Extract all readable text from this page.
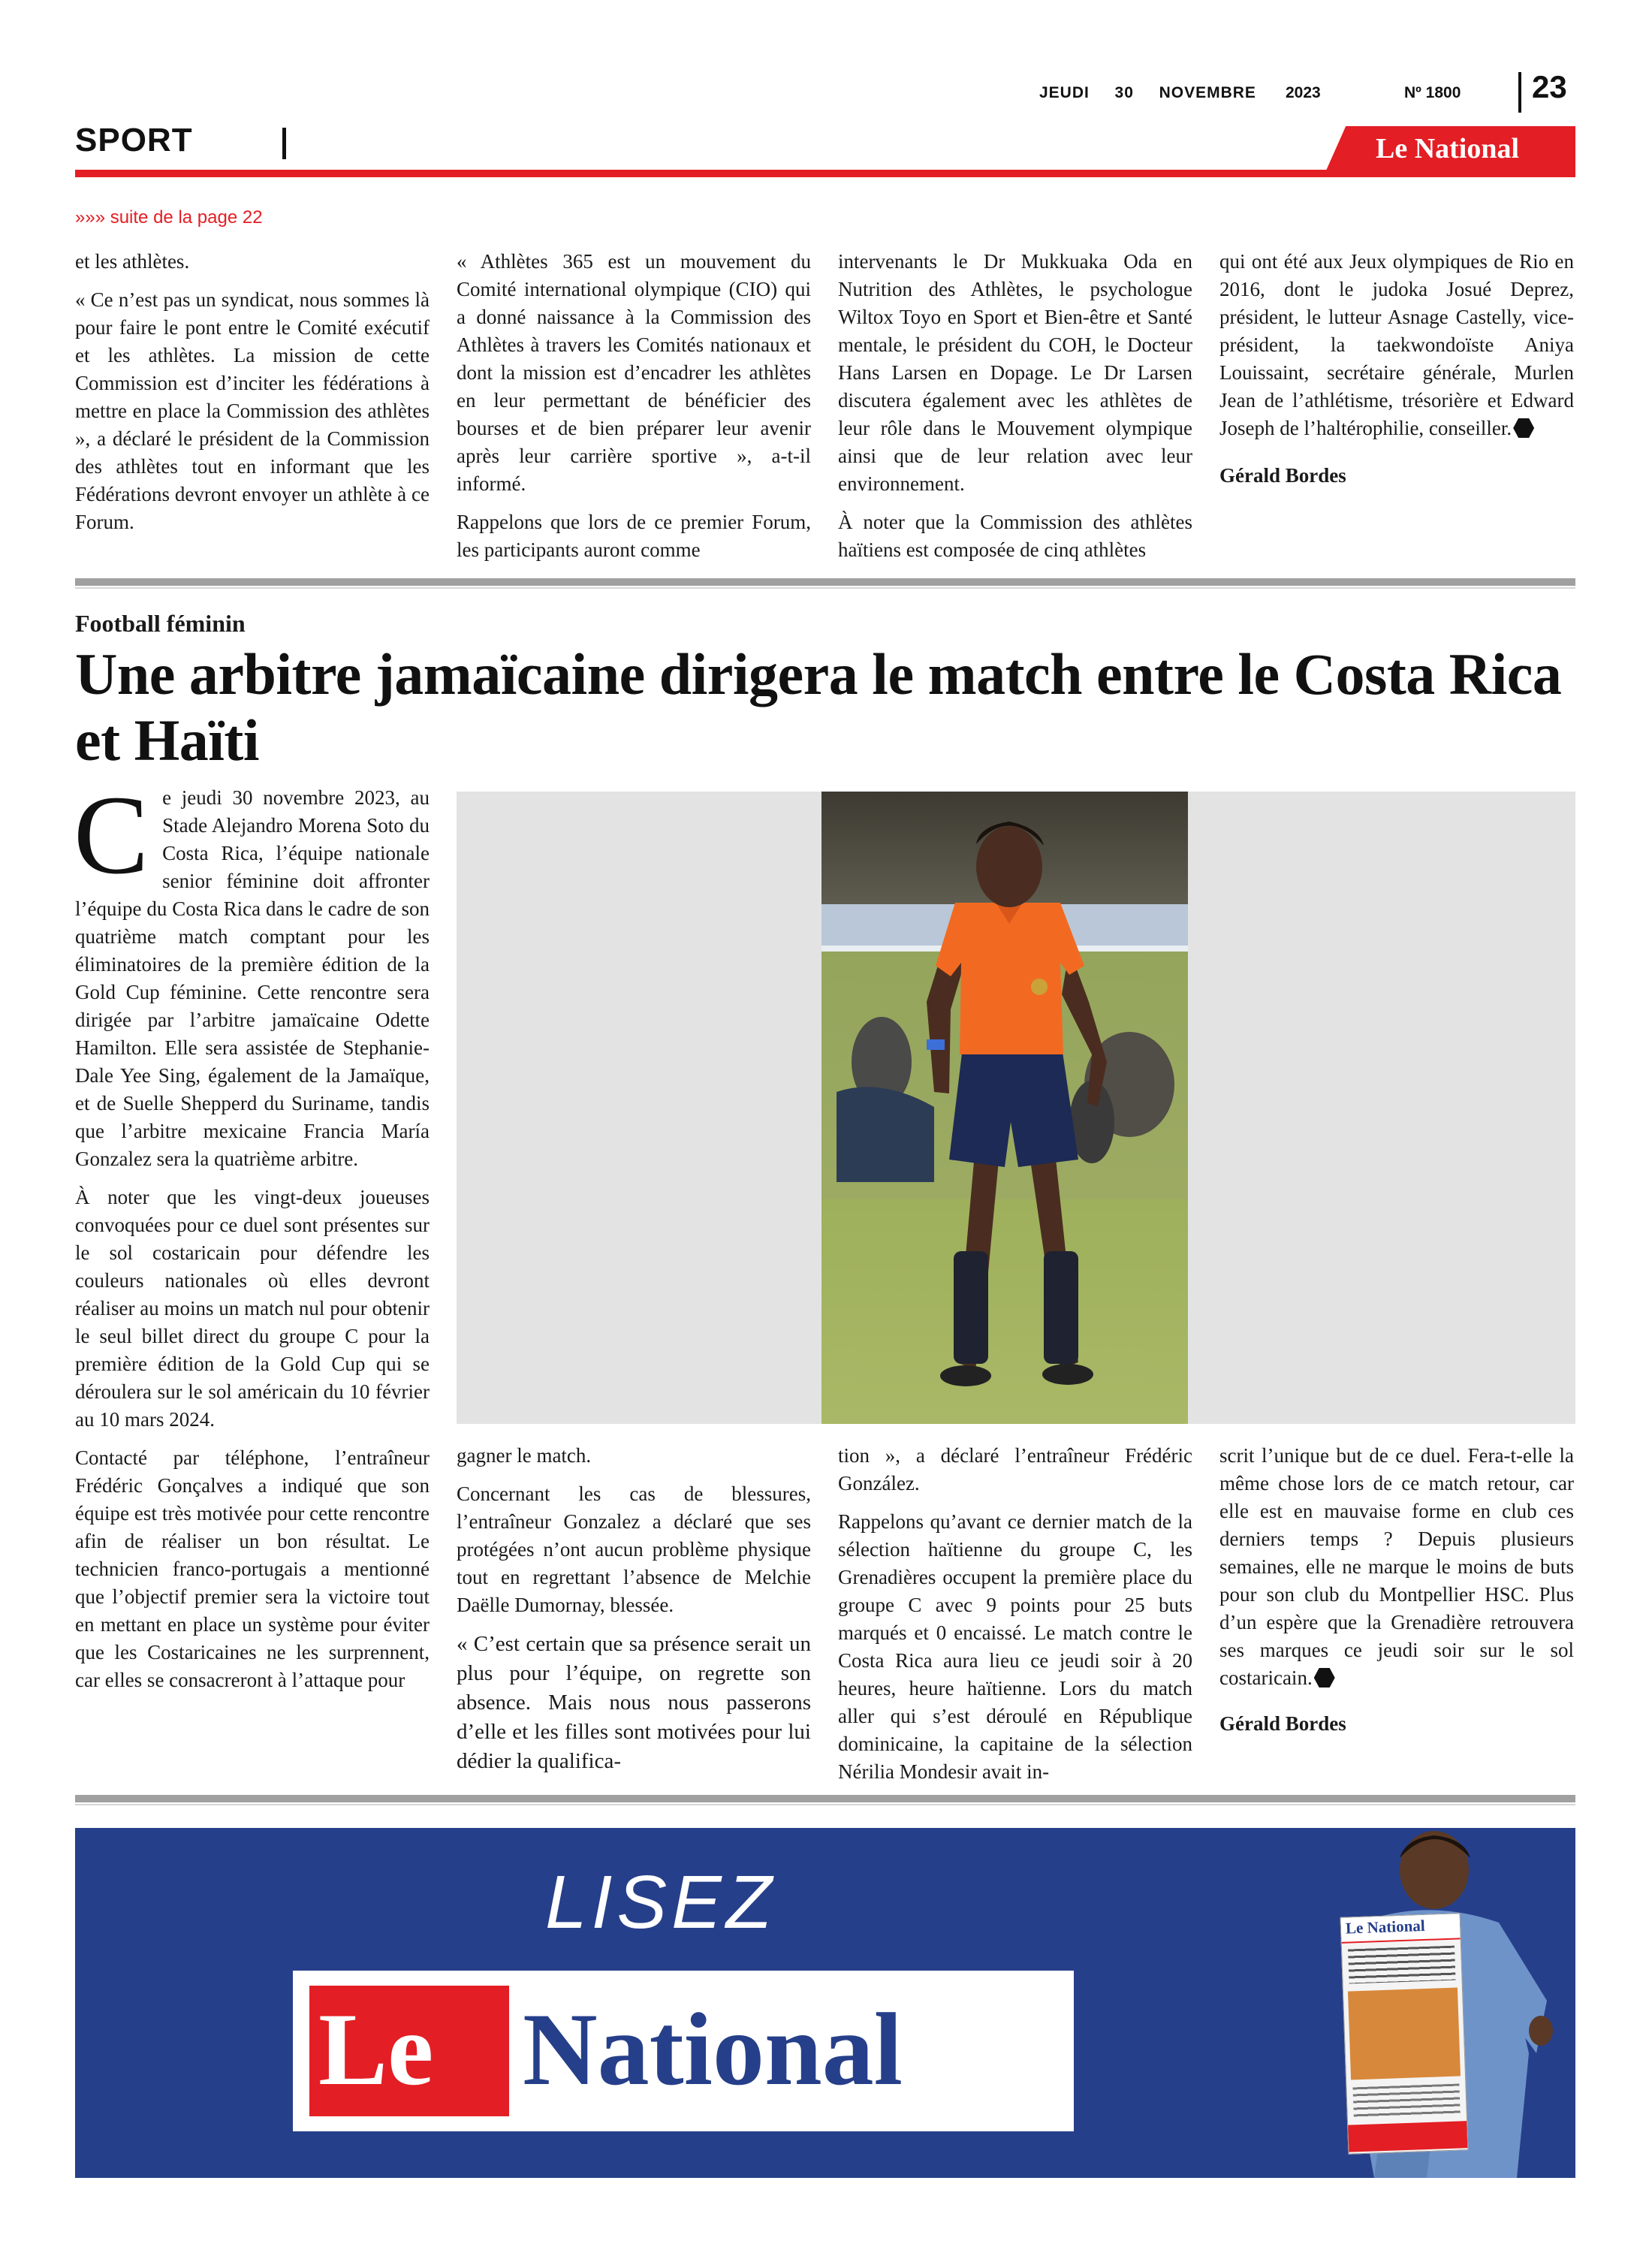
JEUDI 30 NOVEMBRE 2023	Nº 1800 23
SPORT	Le National
»»» suite de la page 22

et les athlètes.

« Ce n’est pas un syndicat, nous sommes là pour faire le pont entre le Comité exécutif et les athlètes. La mission de cette Commission est d’inciter les fédérations à mettre en place la Commission des athlètes », a déclaré le président de la Commission des athlètes tout en informant que les Fédérations devront envoyer un athlète à ce Forum.

« Athlètes 365 est un mouvement du Comité international olympique (CIO) qui a donné naissance à la Commission des Athlètes à travers les Comités nationaux et dont la mission est d’encadrer les athlètes en leur permettant de bénéficier des bourses et de bien préparer leur avenir après leur carrière sportive », a-t-il informé.

Rappelons que lors de ce premier Forum, les participants auront comme

intervenants le Dr Mukkuaka Oda en Nutrition des Athlètes, le psychologue Wiltox Toyo en Sport et Bien-être et Santé mentale, le président du COH, le Docteur Hans Larsen en Dopage. Le Dr Larsen discutera également avec les athlètes de leur rôle dans le Mouvement olympique ainsi que de leur relation avec leur environnement.

À noter que la Commission des athlètes haïtiens est composée de cinq athlètes

qui ont été aux Jeux olympiques de Rio en 2016, dont le judoka Josué Deprez, président, le lutteur Asnage Castelly, vice-président, la taekwondoïste Aniya Louissaint, secrétaire générale, Murlen Jean de l’athlétisme, trésorière et Edward Joseph de l’haltérophilie, conseiller.

Gérald Bordes

Football féminin
Une arbitre jamaïcaine dirigera le match entre le Costa Rica et Haïti

Ce jeudi 30 novembre 2023, au Stade Alejandro Morena Soto du Costa Rica, l’équipe nationale senior féminine doit affronter l’équipe du Costa Rica dans le cadre de son quatrième match comptant pour les éliminatoires de la première édition de la Gold Cup féminine. Cette rencontre sera dirigée par l’arbitre jamaïcaine Odette Hamilton. Elle sera assistée de Stephanie-Dale Yee Sing, également de la Jamaïque, et de Suelle Shepperd du Suriname, tandis que l’arbitre mexicaine Francia María Gonzalez sera la quatrième arbitre.

À noter que les vingt-deux joueuses convoquées pour ce duel sont présentes sur le sol costaricain pour défendre les couleurs nationales où elles devront réaliser au moins un match nul pour obtenir le seul billet direct du groupe C pour la première édition de la Gold Cup qui se déroulera sur le sol américain du 10 février au 10 mars 2024.

Contacté par téléphone, l’entraîneur Frédéric Gonçalves a indiqué que son équipe est très motivée pour cette rencontre afin de réaliser un bon résultat. Le technicien franco-portugais a mentionné que l’objectif premier sera la victoire tout en mettant en place un système pour éviter que les Costaricaines ne les surprennent, car elles se consacreront à l’attaque pour

gagner le match.

Concernant les cas de blessures, l’entraîneur Gonzalez a déclaré que ses protégées n’ont aucun problème physique tout en regrettant l’absence de Melchie Daëlle Dumornay, blessée.

« C’est certain que sa présence serait un plus pour l’équipe, on regrette son absence. Mais nous nous passerons d’elle et les filles sont motivées pour lui dédier la qualifica-

tion », a déclaré l’entraîneur Frédéric González.

Rappelons qu’avant ce dernier match de la sélection haïtienne du groupe C, les Grenadières occupent la première place du groupe C avec 9 points pour 25 buts marqués et 0 encaissé. Le match contre le Costa Rica aura lieu ce jeudi soir à 20 heures, heure haïtienne. Lors du match aller qui s’est déroulé en République dominicaine, la capitaine de la sélection Nérilia Mondesir avait in-

scrit l’unique but de ce duel. Fera-t-elle la même chose lors de ce match retour, car elle est en mauvaise forme en club ces derniers temps ? Depuis plusieurs semaines, elle ne marque le moins de buts pour son club du Montpellier HSC. Plus d’un espère que la Grenadière retrouvera ses marques ce jeudi soir sur le sol costaricain.

Gérald Bordes

LISEZ
Le National
Le National
